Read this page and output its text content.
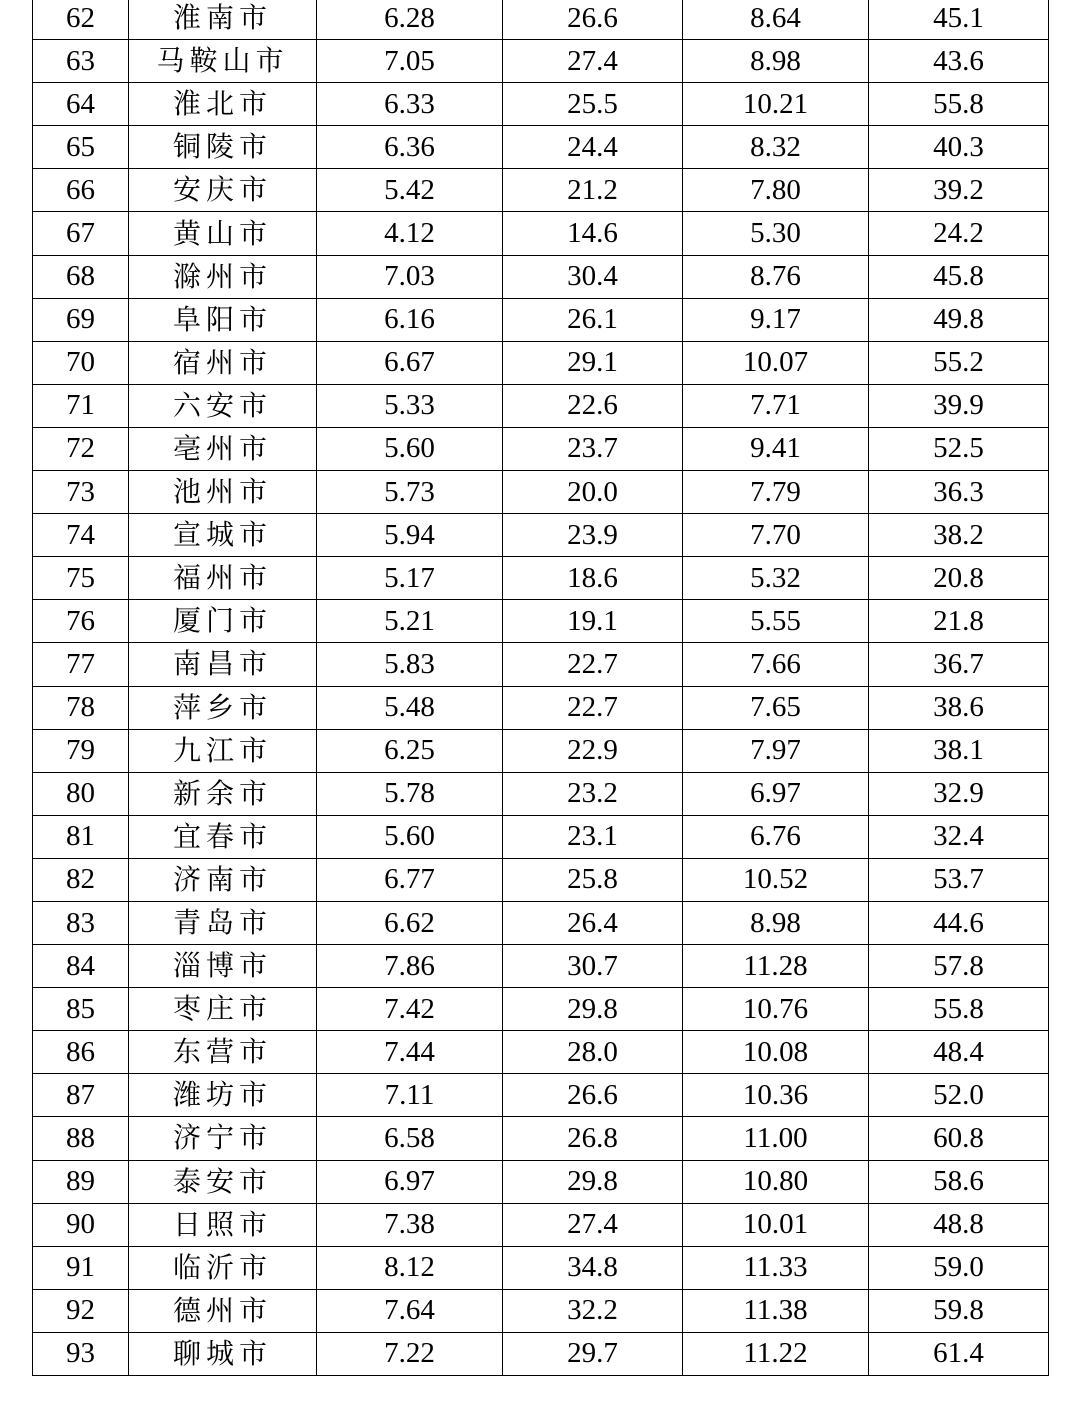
62	淮南市	6.28	26.6	8.64	45.1
63	马鞍山市	7.05	27.4	8.98	43.6
64	淮北市	6.33	25.5	10.21	55.8
65	铜陵市	6.36	24.4	8.32	40.3
66	安庆市	5.42	21.2	7.80	39.2
67	黄山市	4.12	14.6	5.30	24.2
68	滁州市	7.03	30.4	8.76	45.8
69	阜阳市	6.16	26.1	9.17	49.8
70	宿州市	6.67	29.1	10.07	55.2
71	六安市	5.33	22.6	7.71	39.9
72	亳州市	5.60	23.7	9.41	52.5
73	池州市	5.73	20.0	7.79	36.3
74	宣城市	5.94	23.9	7.70	38.2
75	福州市	5.17	18.6	5.32	20.8
76	厦门市	5.21	19.1	5.55	21.8
77	南昌市	5.83	22.7	7.66	36.7
78	萍乡市	5.48	22.7	7.65	38.6
79	九江市	6.25	22.9	7.97	38.1
80	新余市	5.78	23.2	6.97	32.9
81	宜春市	5.60	23.1	6.76	32.4
82	济南市	6.77	25.8	10.52	53.7
83	青岛市	6.62	26.4	8.98	44.6
84	淄博市	7.86	30.7	11.28	57.8
85	枣庄市	7.42	29.8	10.76	55.8
86	东营市	7.44	28.0	10.08	48.4
87	潍坊市	7.11	26.6	10.36	52.0
88	济宁市	6.58	26.8	11.00	60.8
89	泰安市	6.97	29.8	10.80	58.6
90	日照市	7.38	27.4	10.01	48.8
91	临沂市	8.12	34.8	11.33	59.0
92	德州市	7.64	32.2	11.38	59.8
93	聊城市	7.22	29.7	11.22	61.4
